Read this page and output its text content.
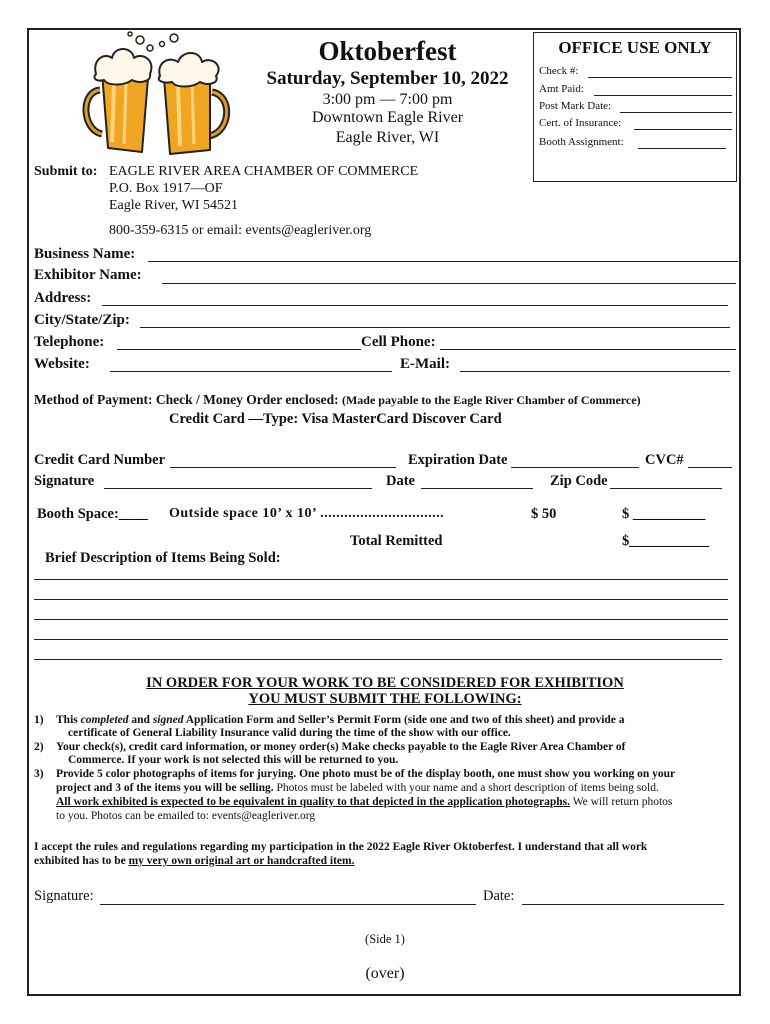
Oktoberfest
Saturday, September 10, 2022
3:00 pm — 7:00 pm
Downtown Eagle River
Eagle River, WI
OFFICE USE ONLY
Check #:
Amt Paid:
Post Mark Date:
Cert. of Insurance:
Booth Assignment:
Submit to: EAGLE RIVER AREA CHAMBER OF COMMERCE
P.O. Box 1917—OF
Eagle River, WI 54521
800-359-6315 or email: events@eagleriver.org
Business Name:
Exhibitor Name:
Address:
City/State/Zip:
Telephone:	Cell Phone:
Website:	E-Mail:
Method of Payment: Check / Money Order enclosed: (Made payable to the Eagle River Chamber of Commerce)
Credit Card —Type: Visa MasterCard Discover Card
Credit Card Number	Expiration Date	CVC#
Signature	Date	Zip Code
Booth Space:____ Outside space 10’ x 10’ ...............................	$ 50	$ __________
Total Remitted	$___________
Brief Description of Items Being Sold:
IN ORDER FOR YOUR WORK TO BE CONSIDERED FOR EXHIBITION
YOU MUST SUBMIT THE FOLLOWING:
1) This completed and signed Application Form and Seller’s Permit Form (side one and two of this sheet) and provide a
certificate of General Liability Insurance valid during the time of the show with our office.
2) Your check(s), credit card information, or money order(s) Make checks payable to the Eagle River Area Chamber of
Commerce. If your work is not selected this will be returned to you.
3) Provide 5 color photographs of items for jurying. One photo must be of the display booth, one must show you working on your
project and 3 of the items you will be selling. Photos must be labeled with your name and a short description of items being sold.
All work exhibited is expected to be equivalent in quality to that depicted in the application photographs. We will return photos
to you. Photos can be emailed to: events@eagleriver.org
I accept the rules and regulations regarding my participation in the 2022 Eagle River Oktoberfest. I understand that all work
exhibited has to be my very own original art or handcrafted item.
Signature:	Date:
(Side 1)
(over)
